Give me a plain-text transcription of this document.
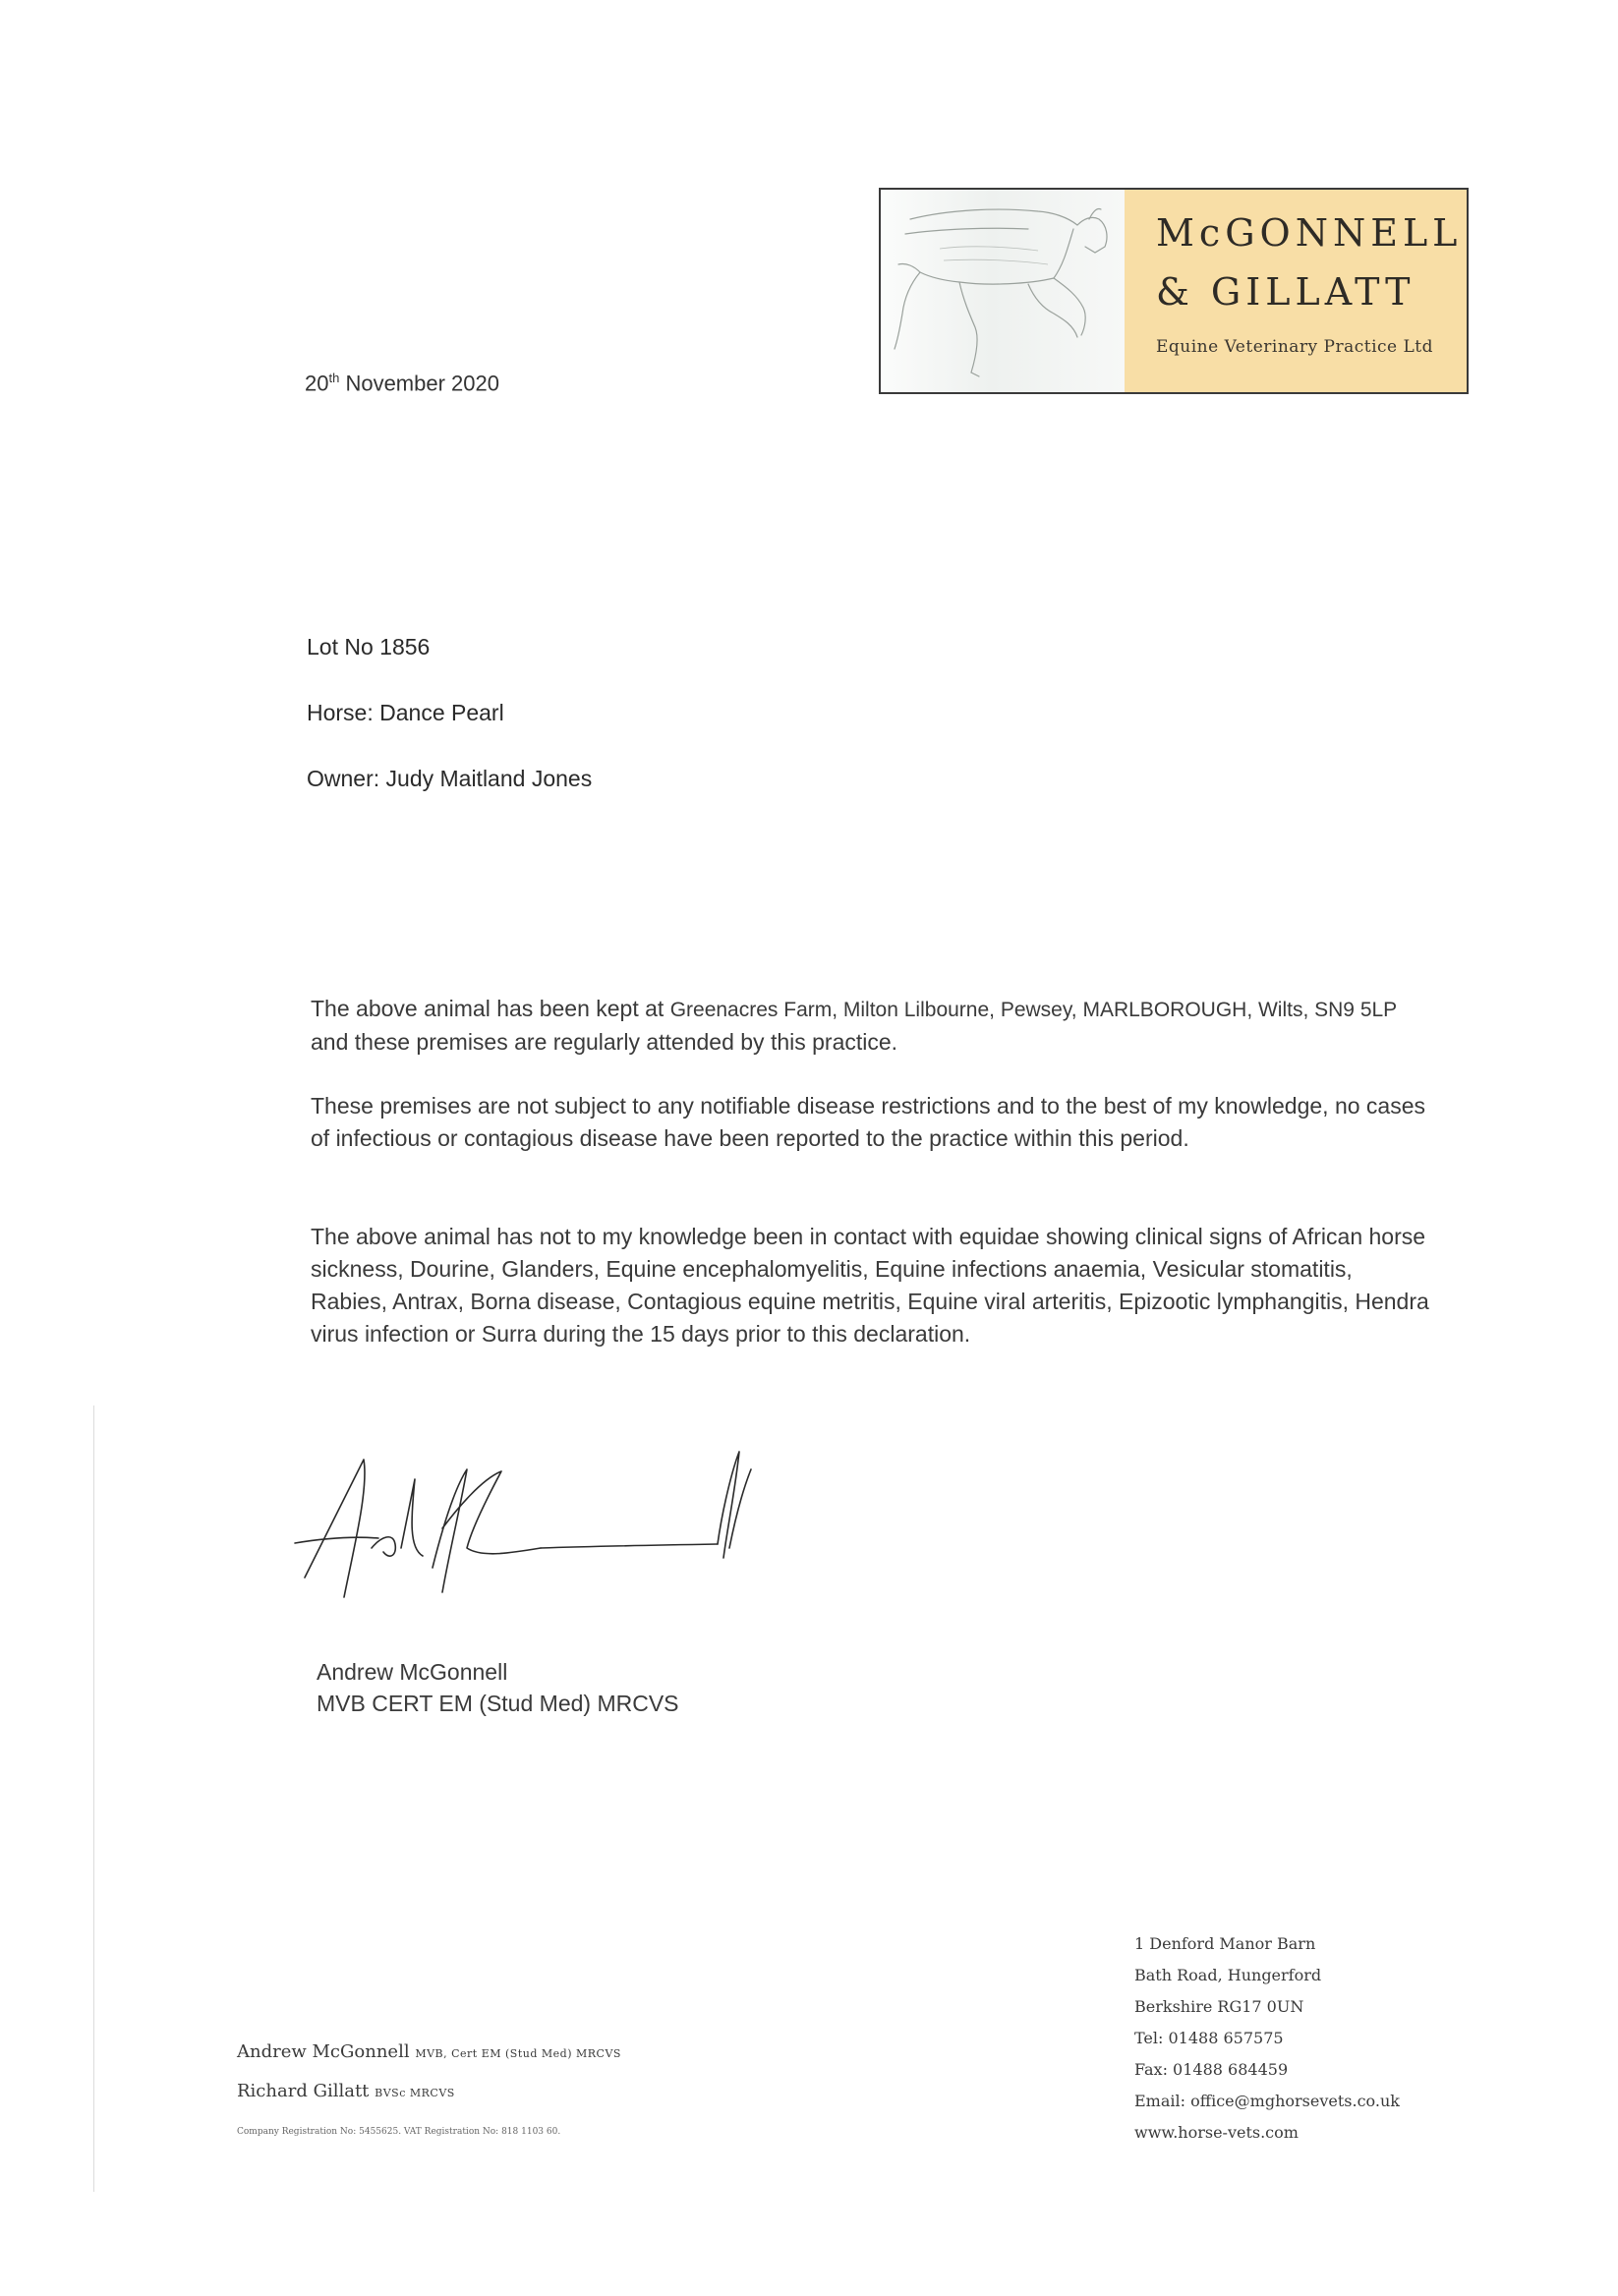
McGONNELL
& GILLATT
Equine Veterinary Practice Ltd
20th November 2020
Lot No 1856
Horse: Dance Pearl
Owner: Judy Maitland Jones
The above animal has been kept at Greenacres Farm, Milton Lilbourne, Pewsey, MARLBOROUGH, Wilts, SN9 5LP and these premises are regularly attended by this practice.
These premises are not subject to any notifiable disease restrictions and to the best of my knowledge, no cases of infectious or contagious disease have been reported to the practice within this period.
The above animal has not to my knowledge been in contact with equidae showing clinical signs of African horse sickness, Dourine, Glanders, Equine encephalomyelitis, Equine infections anaemia, Vesicular stomatitis, Rabies, Antrax, Borna disease, Contagious equine metritis, Equine viral arteritis, Epizootic lymphangitis, Hendra virus infection or Surra during the 15 days prior to this declaration.
Andrew McGonnell
MVB CERT EM (Stud Med) MRCVS
Andrew McGonnell MVB, Cert EM (Stud Med) MRCVS
Richard Gillatt BVSc MRCVS
Company Registration No: 5455625. VAT Registration No: 818 1103 60.
1 Denford Manor Barn
Bath Road, Hungerford
Berkshire RG17 0UN
Tel: 01488 657575
Fax: 01488 684459
Email: office@mghorsevets.co.uk
www.horse-vets.com
